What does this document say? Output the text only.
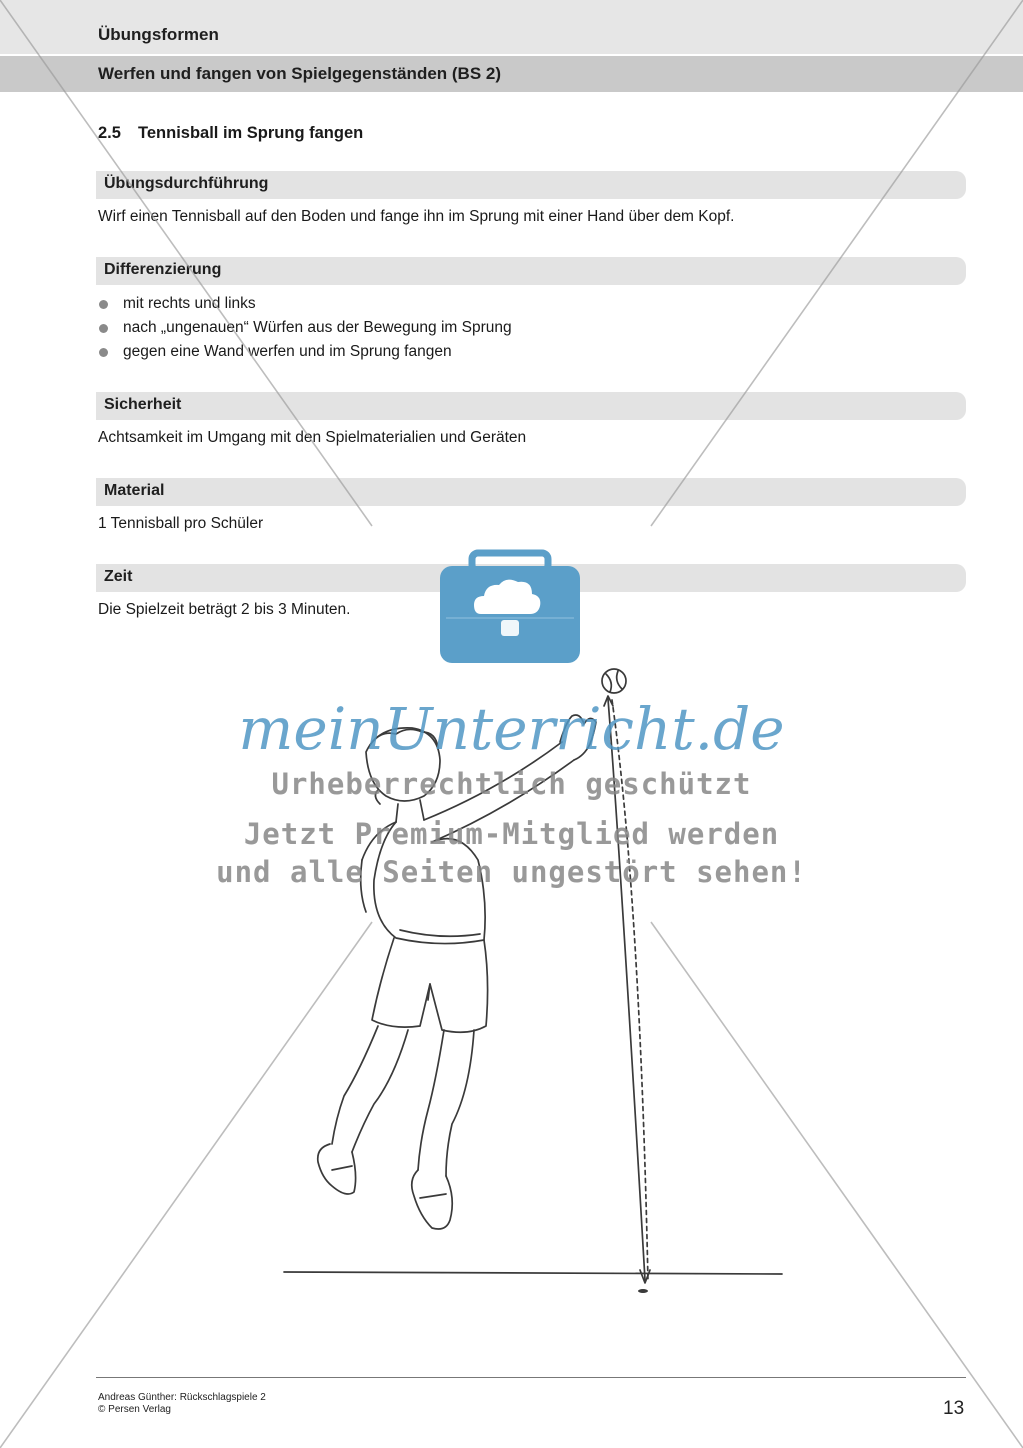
Übungsformen
Werfen und fangen von Spielgegenständen (BS 2)
2.5 Tennisball im Sprung fangen
Übungsdurchführung
Wirf einen Tennisball auf den Boden und fange ihn im Sprung mit einer Hand über dem Kopf.
Differenzierung
mit rechts und links
nach „ungenauen“ Würfen aus der Bewegung im Sprung
gegen eine Wand werfen und im Sprung fangen
Sicherheit
Achtsamkeit im Umgang mit den Spielmaterialien und Geräten
Material
1 Tennisball pro Schüler
Zeit
Die Spielzeit beträgt 2 bis 3 Minuten.
meinUnterricht.de
Urheberrechtlich geschützt
Jetzt Premium-Mitglied werden
und alle Seiten ungestört sehen!
Andreas Günther: Rückschlagspiele 2
© Persen Verlag	13
